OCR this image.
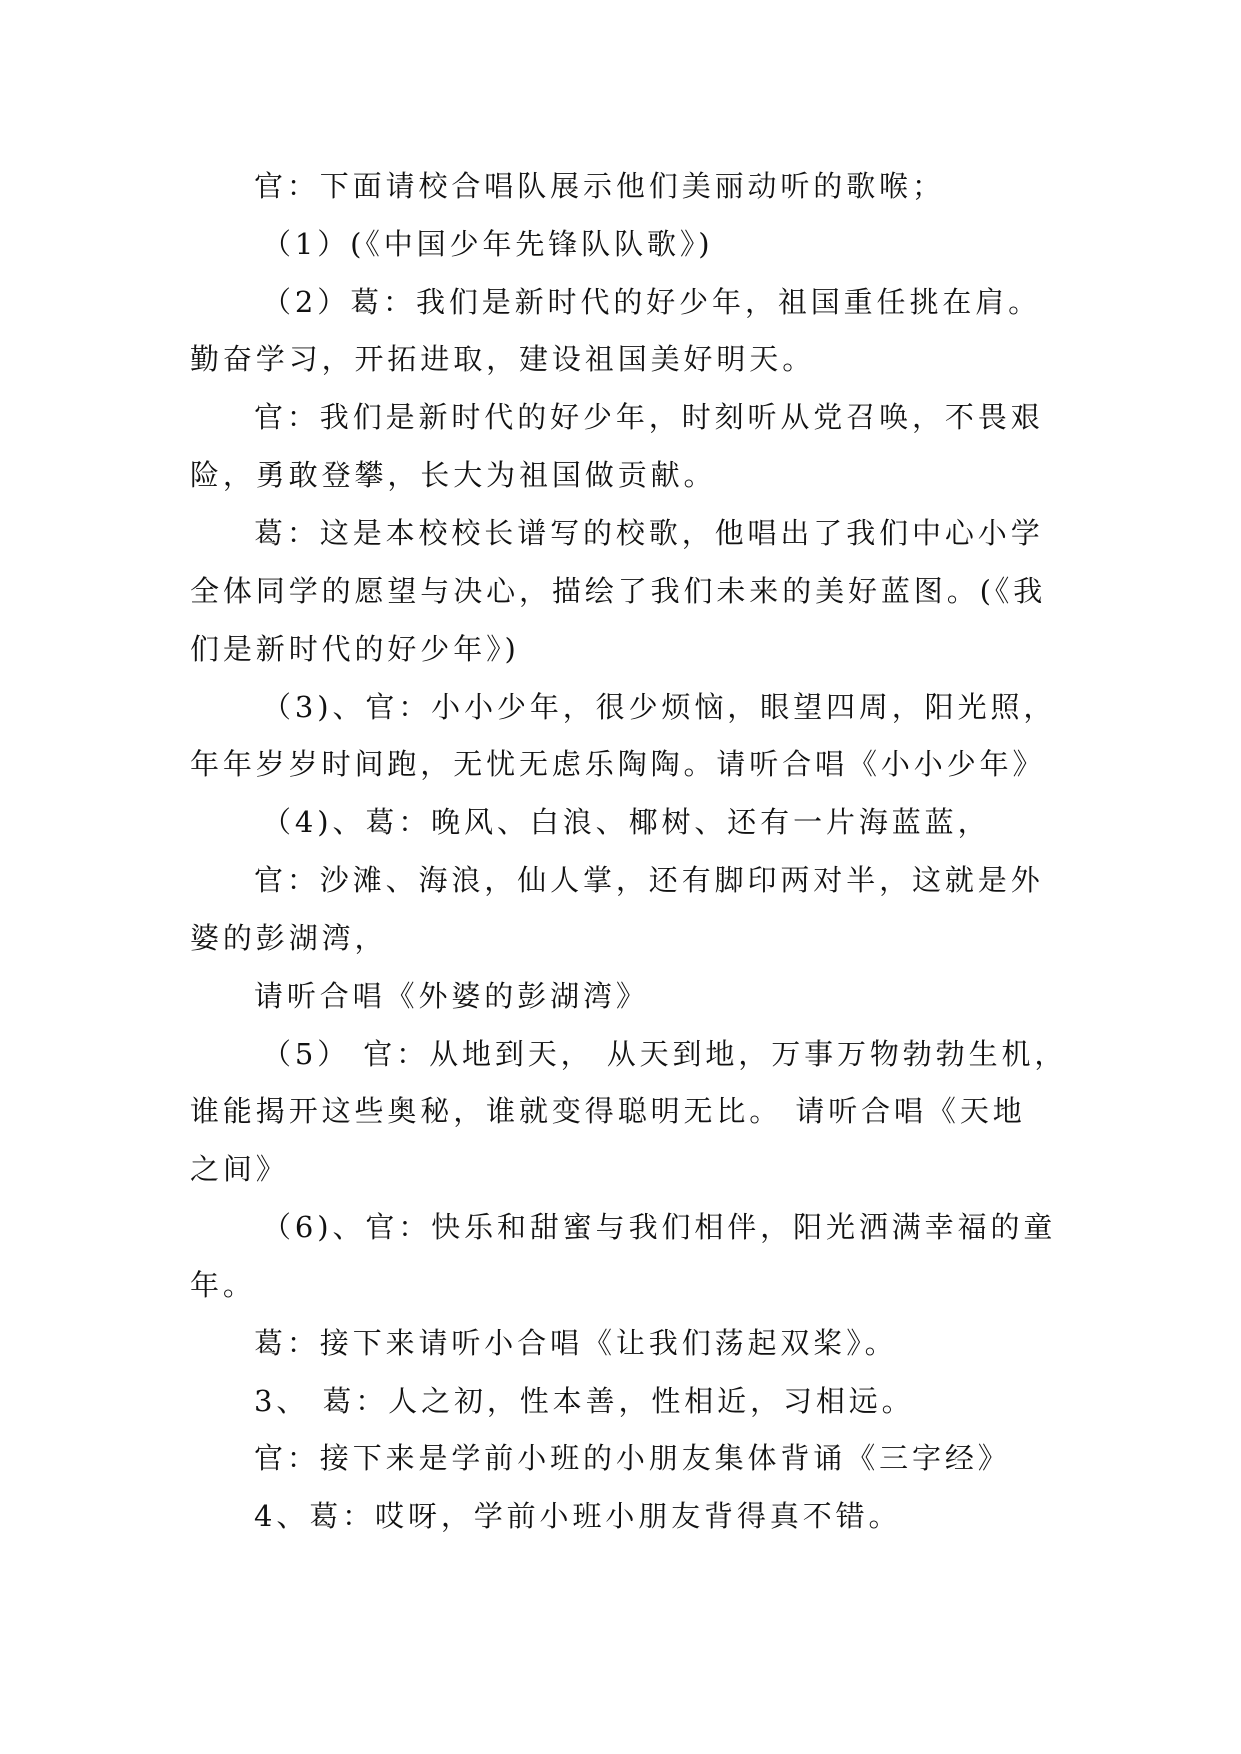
官：下面请校合唱队展示他们美丽动听的歌喉；

（1）(《中国少年先锋队队歌》)

（2）葛：我们是新时代的好少年，祖国重任挑在肩。

勤奋学习，开拓进取，建设祖国美好明天。

官：我们是新时代的好少年，时刻听从党召唤，不畏艰

险，勇敢登攀，长大为祖国做贡献。

葛：这是本校校长谱写的校歌，他唱出了我们中心小学

全体同学的愿望与决心，描绘了我们未来的美好蓝图。(《我

们是新时代的好少年》)

（3)、官：小小少年，很少烦恼，眼望四周，阳光照，

年年岁岁时间跑，无忧无虑乐陶陶。请听合唱《小小少年》

（4)、葛：晚风、白浪、椰树、还有一片海蓝蓝，

官：沙滩、海浪，仙人掌，还有脚印两对半，这就是外

婆的彭湖湾，

请听合唱《外婆的彭湖湾》

（5） 官：从地到天， 从天到地，万事万物勃勃生机，

谁能揭开这些奥秘，谁就变得聪明无比。 请听合唱《天地

之间》

（6)、官：快乐和甜蜜与我们相伴，阳光洒满幸福的童

年。

葛：接下来请听小合唱《让我们荡起双桨》。

3、 葛：人之初，性本善，性相近，习相远。

官：接下来是学前小班的小朋友集体背诵《三字经》

4、葛：哎呀，学前小班小朋友背得真不错。
